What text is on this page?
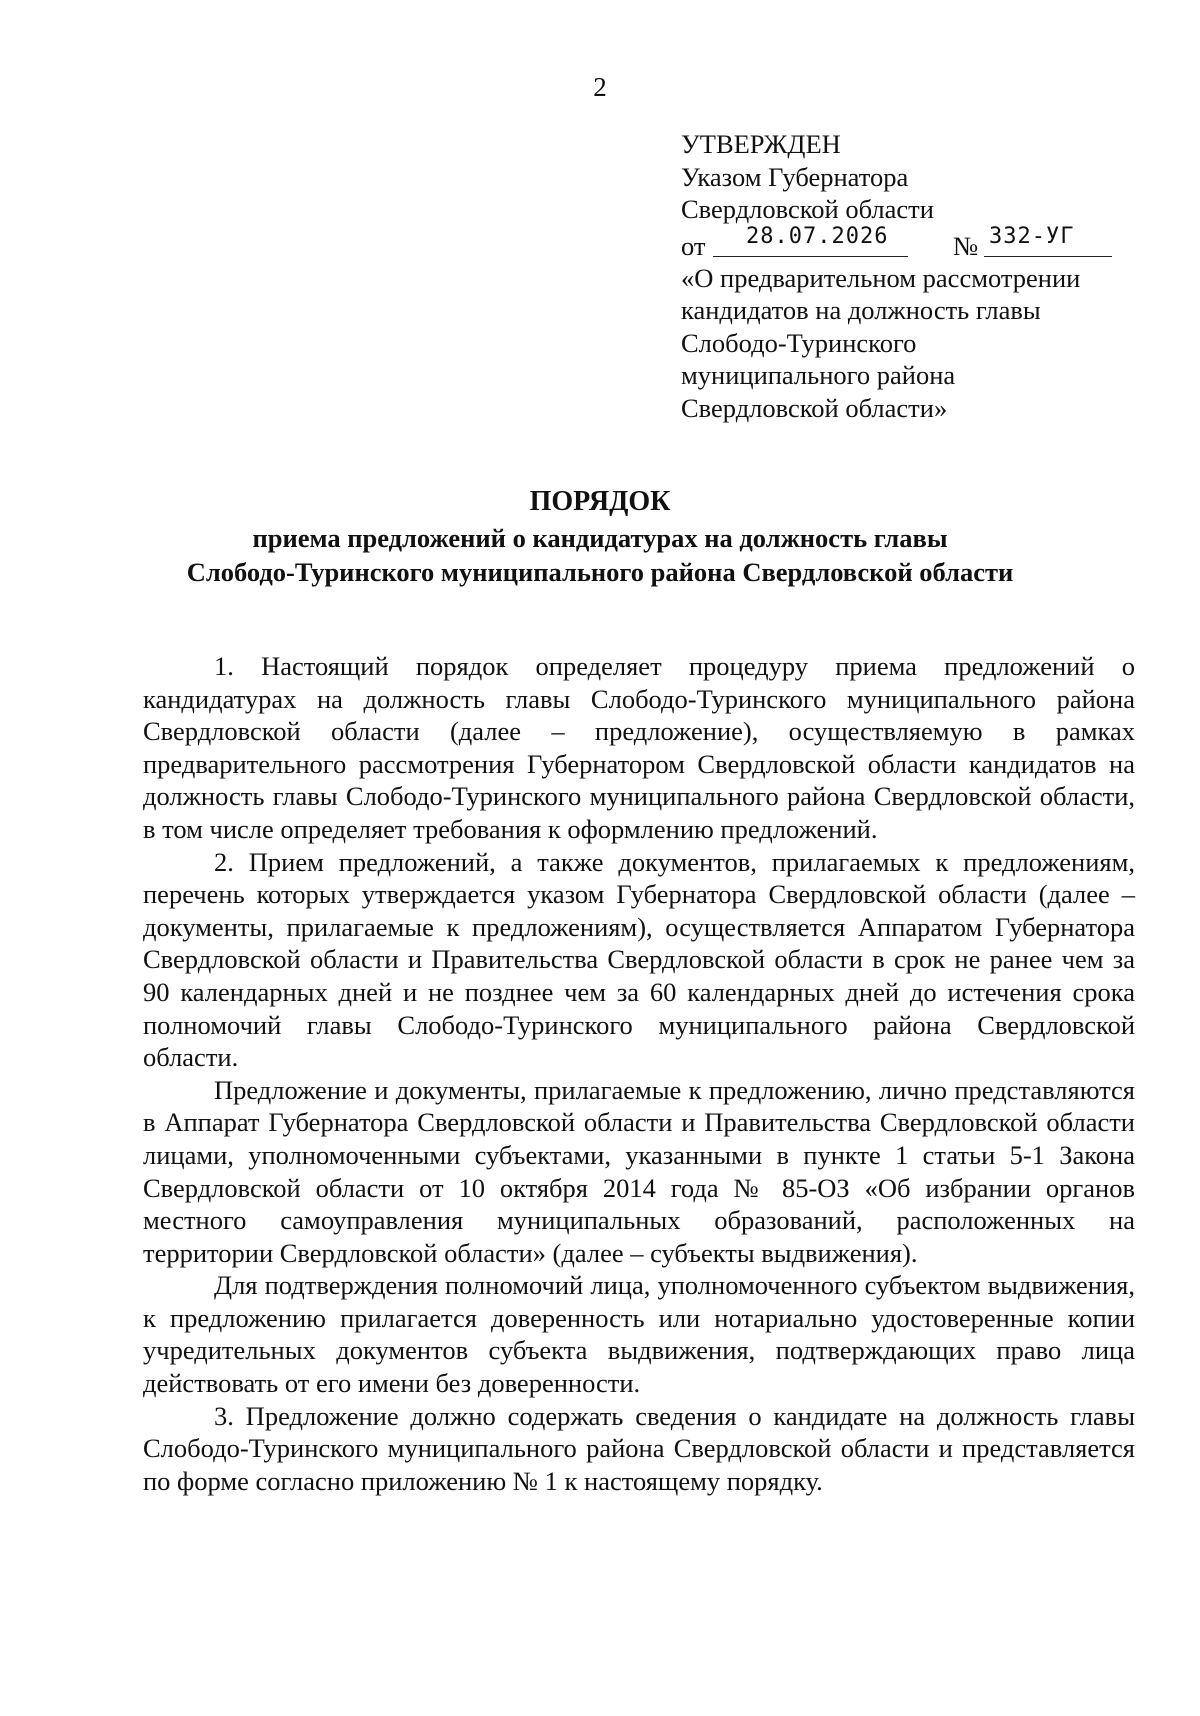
2
УТВЕРЖДЕН
Указом Губернатора
Свердловской области
от 28.07.2026 № 332-УГ
«О предварительном рассмотрении
кандидатов на должность главы
Слободо-Туринского
муниципального района
Свердловской области»
ПОРЯДОК
приема предложений о кандидатурах на должность главы
Слободо-Туринского муниципального района Свердловской области

1. Настоящий порядок определяет процедуру приема предложений о кандидатурах на должность главы Слободо-Туринского муниципального района Свердловской области (далее – предложение), осуществляемую в рамках предварительного рассмотрения Губернатором Свердловской области кандидатов на должность главы Слободо-Туринского муниципального района Свердловской области, в том числе определяет требования к оформлению предложений.

2. Прием предложений, а также документов, прилагаемых к предложениям, перечень которых утверждается указом Губернатора Свердловской области (далее – документы, прилагаемые к предложениям), осуществляется Аппаратом Губернатора Свердловской области и Правительства Свердловской области в срок не ранее чем за 90 календарных дней и не позднее чем за 60 календарных дней до истечения срока полномочий главы Слободо-Туринского муниципального района Свердловской области.

Предложение и документы, прилагаемые к предложению, лично представляются в Аппарат Губернатора Свердловской области и Правительства Свердловской области лицами, уполномоченными субъектами, указанными в пункте 1 статьи 5-1 Закона Свердловской области от 10 октября 2014 года № 85-ОЗ «Об избрании органов местного самоуправления муниципальных образований, расположенных на территории Свердловской области» (далее – субъекты выдвижения).

Для подтверждения полномочий лица, уполномоченного субъектом выдвижения, к предложению прилагается доверенность или нотариально удостоверенные копии учредительных документов субъекта выдвижения, подтверждающих право лица действовать от его имени без доверенности.

3. Предложение должно содержать сведения о кандидате на должность главы Слободо-Туринского муниципального района Свердловской области и представляется по форме согласно приложению № 1 к настоящему порядку.
